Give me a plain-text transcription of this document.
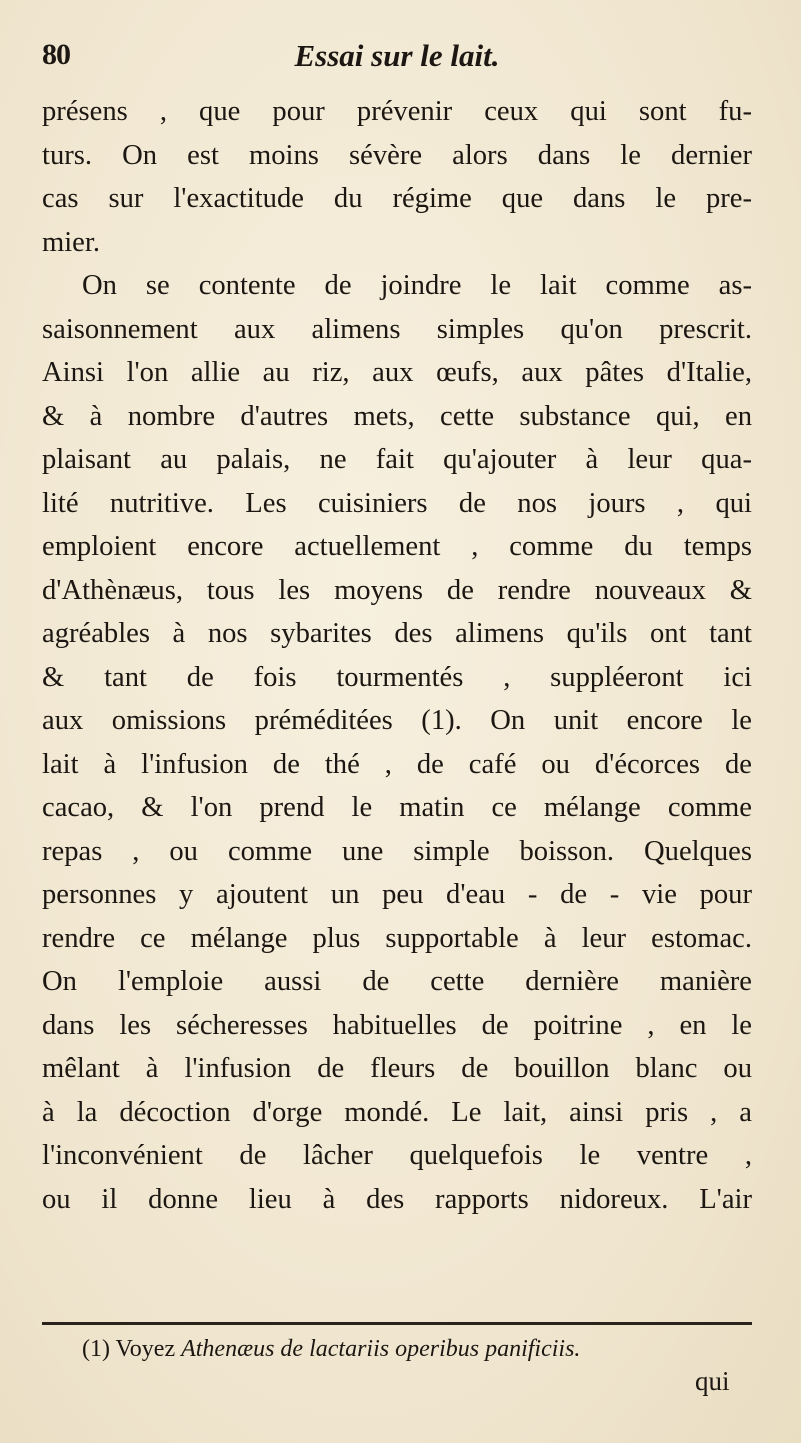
80	Essai sur le lait.
présens , que pour prévenir ceux qui sont fu-
turs. On est moins sévère alors dans le dernier
cas sur l'exactitude du régime que dans le pre-
mier.
On se contente de joindre le lait comme as-
saisonnement aux alimens simples qu'on prescrit.
Ainsi l'on allie au riz, aux œufs, aux pâtes d'Italie,
& à nombre d'autres mets, cette substance qui, en
plaisant au palais, ne fait qu'ajouter à leur qua-
lité nutritive. Les cuisiniers de nos jours , qui
emploient encore actuellement , comme du temps
d'Athènæus, tous les moyens de rendre nouveaux &
agréables à nos sybarites des alimens qu'ils ont tant
& tant de fois tourmentés , suppléeront ici
aux omissions préméditées (1). On unit encore le
lait à l'infusion de thé , de café ou d'écorces de
cacao, & l'on prend le matin ce mélange comme
repas , ou comme une simple boisson. Quelques
personnes y ajoutent un peu d'eau - de - vie pour
rendre ce mélange plus supportable à leur estomac.
On l'emploie aussi de cette dernière manière
dans les sécheresses habituelles de poitrine , en le
mêlant à l'infusion de fleurs de bouillon blanc ou
à la décoction d'orge mondé. Le lait, ainsi pris , a
l'inconvénient de lâcher quelquefois le ventre ,
ou il donne lieu à des rapports nidoreux. L'air
(1) Voyez Athenæus de lactariis operibus panificiis.
qui
